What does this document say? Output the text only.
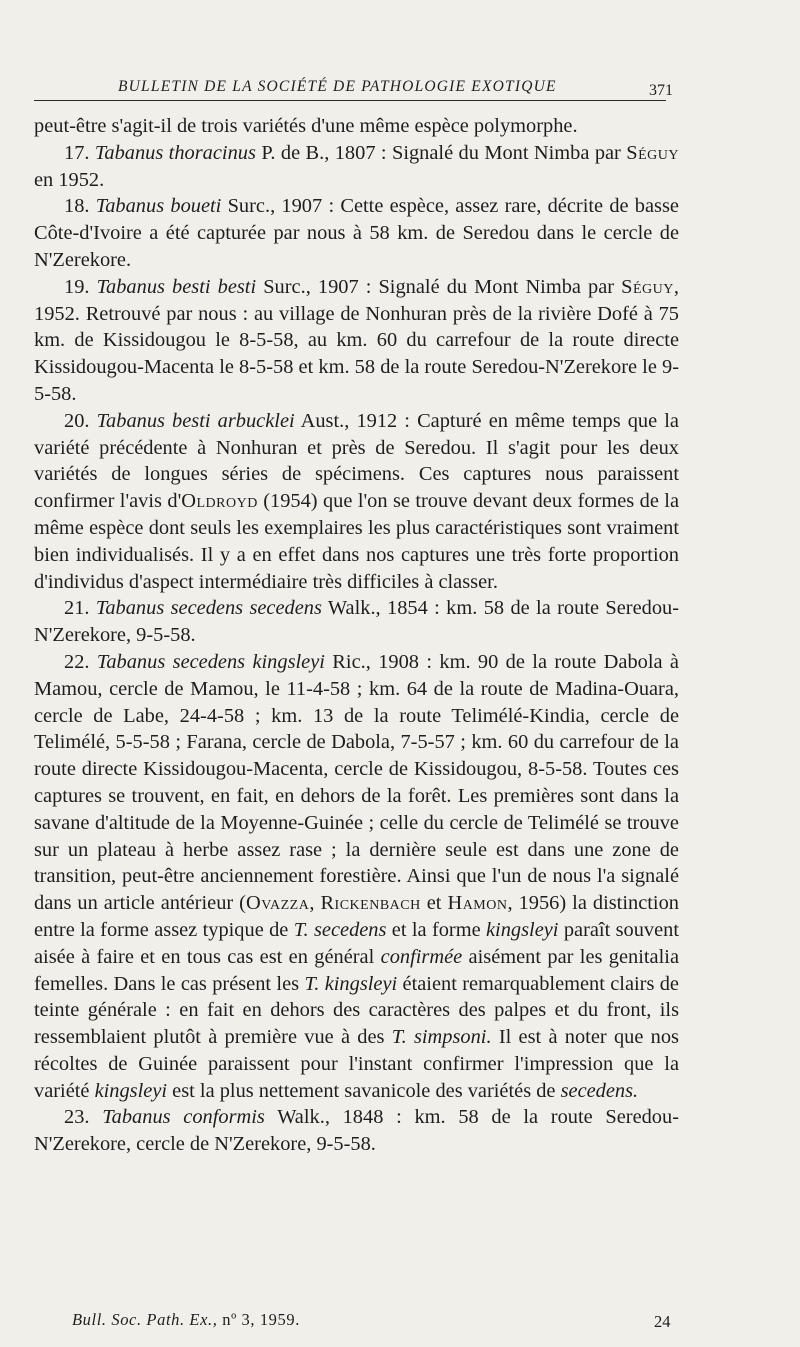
BULLETIN DE LA SOCIÉTÉ DE PATHOLOGIE EXOTIQUE	371

peut-être s'agit-il de trois variétés d'une même espèce polymorphe.

17. Tabanus thoracinus P. de B., 1807 : Signalé du Mont Nimba par Séguy en 1952.

18. Tabanus boueti Surc., 1907 : Cette espèce, assez rare, décrite de basse Côte-d'Ivoire a été capturée par nous à 58 km. de Seredou dans le cercle de N'Zerekore.

19. Tabanus besti besti Surc., 1907 : Signalé du Mont Nimba par Séguy, 1952. Retrouvé par nous : au village de Nonhuran près de la rivière Dofé à 75 km. de Kissidougou le 8-5-58, au km. 60 du carrefour de la route directe Kissidougou-Macenta le 8-5-58 et km. 58 de la route Seredou-N'Zerekore le 9-5-58.

20. Tabanus besti arbucklei Aust., 1912 : Capturé en même temps que la variété précédente à Nonhuran et près de Seredou. Il s'agit pour les deux variétés de longues séries de spécimens. Ces captures nous paraissent confirmer l'avis d'Oldroyd (1954) que l'on se trouve devant deux formes de la même espèce dont seuls les exemplaires les plus caractéristiques sont vraiment bien individualisés. Il y a en effet dans nos captures une très forte proportion d'individus d'aspect intermédiaire très difficiles à classer.

21. Tabanus secedens secedens Walk., 1854 : km. 58 de la route Seredou-N'Zerekore, 9-5-58.

22. Tabanus secedens kingsleyi Ric., 1908 : km. 90 de la route Dabola à Mamou, cercle de Mamou, le 11-4-58 ; km. 64 de la route de Madina-Ouara, cercle de Labe, 24-4-58 ; km. 13 de la route Telimélé-Kindia, cercle de Telimélé, 5-5-58 ; Farana, cercle de Dabola, 7-5-57 ; km. 60 du carrefour de la route directe Kissidougou-Macenta, cercle de Kissidougou, 8-5-58. Toutes ces captures se trouvent, en fait, en dehors de la forêt. Les premières sont dans la savane d'altitude de la Moyenne-Guinée ; celle du cercle de Telimélé se trouve sur un plateau à herbe assez rase ; la dernière seule est dans une zone de transition, peut-être anciennement forestière. Ainsi que l'un de nous l'a signalé dans un article antérieur (Ovazza, Rickenbach et Hamon, 1956) la distinction entre la forme assez typique de T. secedens et la forme kingsleyi paraît souvent aisée à faire et en tous cas est en général confirmée aisément par les genitalia femelles. Dans le cas présent les T. kingsleyi étaient remarquablement clairs de teinte générale : en fait en dehors des caractères des palpes et du front, ils ressemblaient plutôt à première vue à des T. simpsoni. Il est à noter que nos récoltes de Guinée paraissent pour l'instant confirmer l'impression que la variété kingsleyi est la plus nettement savanicole des variétés de secedens.

23. Tabanus conformis Walk., 1848 : km. 58 de la route Seredou-N'Zerekore, cercle de N'Zerekore, 9-5-58.

Bull. Soc. Path. Ex., nº 3, 1959.	24
